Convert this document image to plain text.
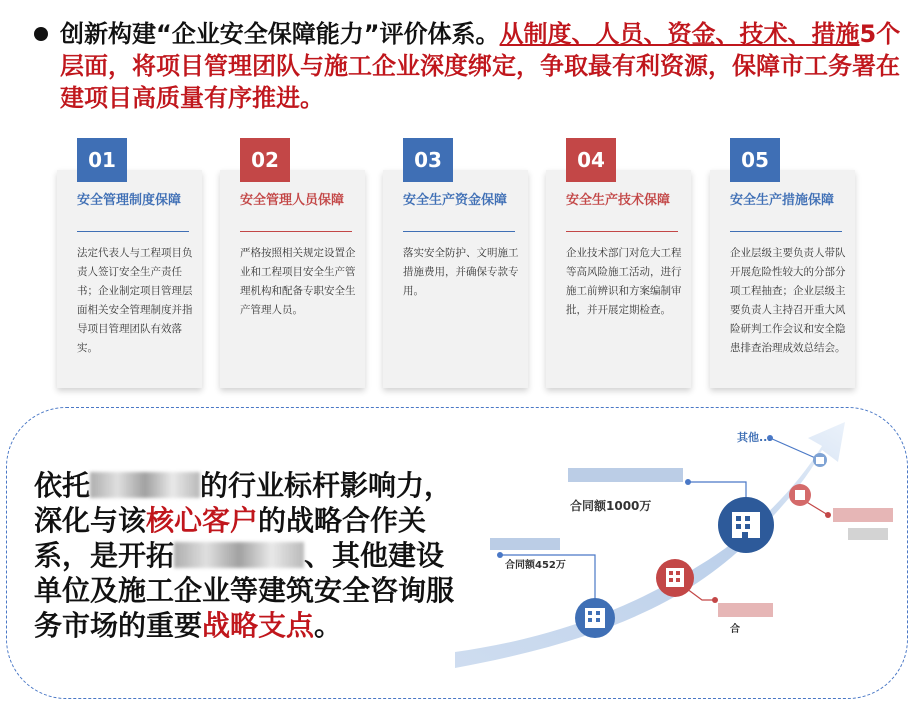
创新构建“企业安全保障能力”评价体系。从制度、人员、资金、技术、措施5个层面，将项目管理团队与施工企业深度绑定，争取最有利资源，保障市工务署在建项目高质量有序推进。
01
安全管理制度保障
法定代表人与工程项目负责人签订安全生产责任书；企业制定项目管理层面相关安全管理制度并指导项目管理团队有效落实。
02
安全管理人员保障
严格按照相关规定设置企业和工程项目安全生产管理机构和配备专职安全生产管理人员。
03
安全生产资金保障
落实安全防护、文明施工措施费用，并确保专款专用。
04
安全生产技术保障
企业技术部门对危大工程等高风险施工活动，进行施工前辨识和方案编制审批，并开展定期检查。
05
安全生产措施保障
企业层级主要负责人带队开展危险性较大的分部分项工程抽查；企业层级主要负责人主持召开重大风险研判工作会议和安全隐患排查治理成效总结会。
依托	的行业标杆影响力，深化与该核心客户的战略合作关系，是开拓	、其他建设单位及施工企业等建筑安全咨询服务市场的重要战略支点。
其他...
合同额1000万
合同额452万
合
